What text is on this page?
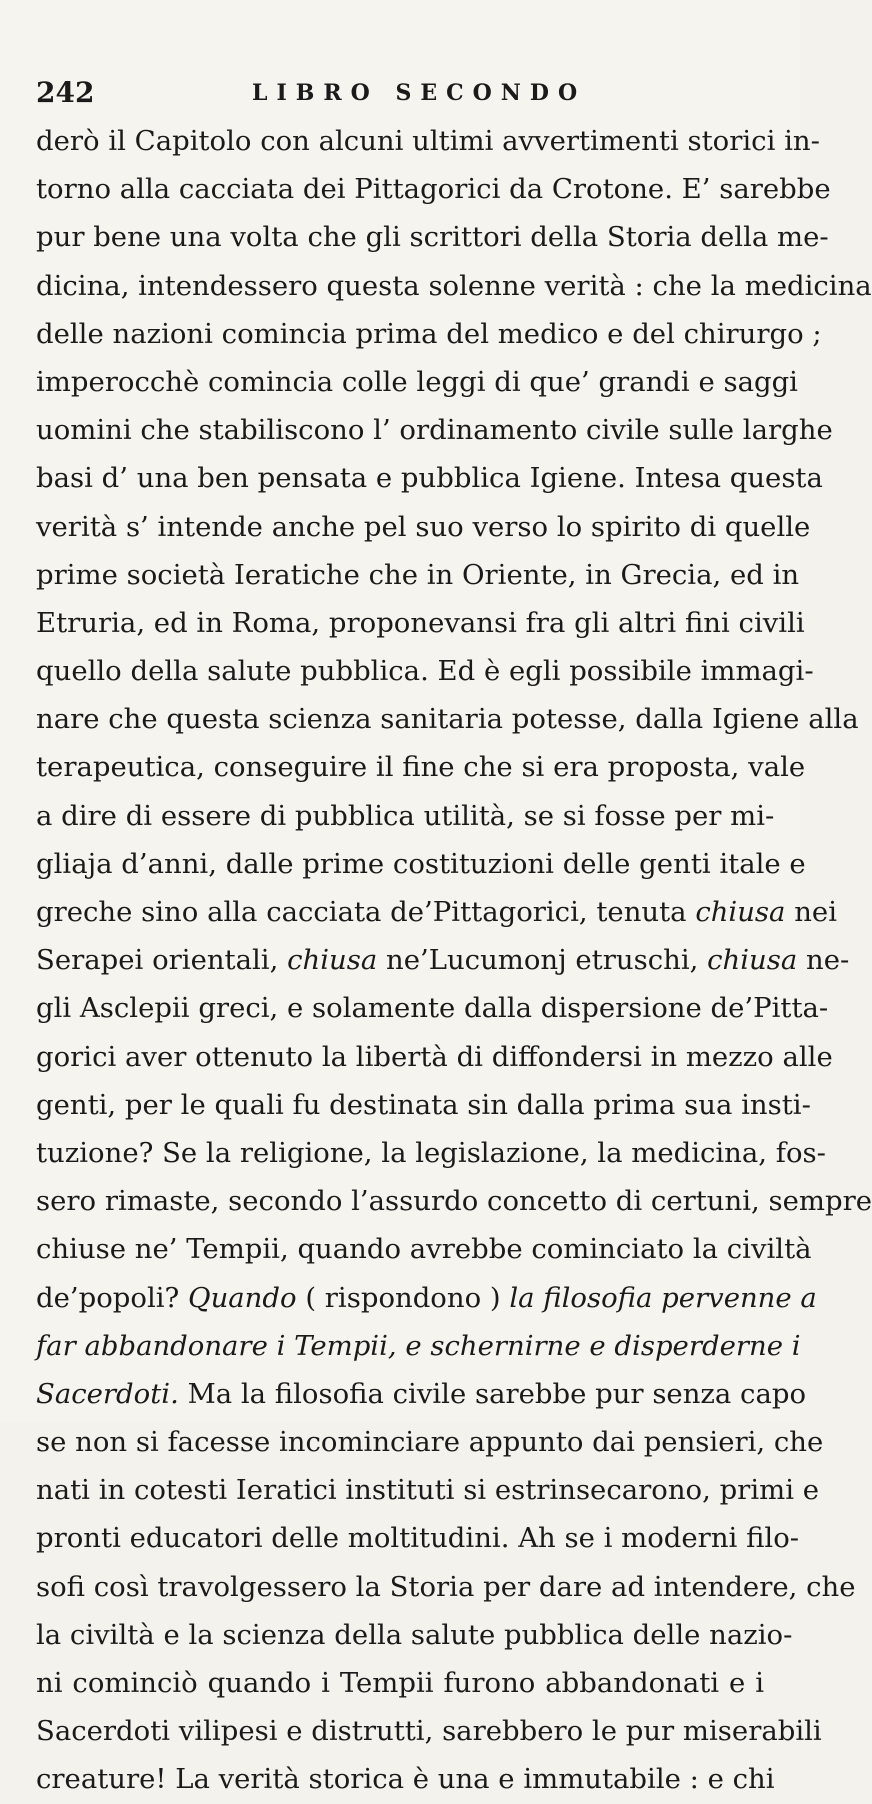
242	LIBRO SECONDO
derò il Capitolo con alcuni ultimi avvertimenti storici in-
torno alla cacciata dei Pittagorici da Crotone. E’ sarebbe
pur bene una volta che gli scrittori della Storia della me-
dicina, intendessero questa solenne verità : che la medicina
delle nazioni comincia prima del medico e del chirurgo ;
imperocchè comincia colle leggi di que’ grandi e saggi
uomini che stabiliscono l’ ordinamento civile sulle larghe
basi d’ una ben pensata e pubblica Igiene. Intesa questa
verità s’ intende anche pel suo verso lo spirito di quelle
prime società Ieratiche che in Oriente, in Grecia, ed in
Etruria, ed in Roma, proponevansi fra gli altri fini civili
quello della salute pubblica. Ed è egli possibile immagi-
nare che questa scienza sanitaria potesse, dalla Igiene alla
terapeutica, conseguire il fine che si era proposta, vale
a dire di essere di pubblica utilità, se si fosse per mi-
gliaja d’anni, dalle prime costituzioni delle genti itale e
greche sino alla cacciata de’Pittagorici, tenuta chiusa nei
Serapei orientali, chiusa ne’Lucumonj etruschi, chiusa ne-
gli Asclepii greci, e solamente dalla dispersione de’Pitta-
gorici aver ottenuto la libertà di diffondersi in mezzo alle
genti, per le quali fu destinata sin dalla prima sua insti-
tuzione? Se la religione, la legislazione, la medicina, fos-
sero rimaste, secondo l’assurdo concetto di certuni, sempre
chiuse ne’ Tempii, quando avrebbe cominciato la civiltà
de’popoli? Quando ( rispondono ) la filosofia pervenne a
far abbandonare i Tempii, e schernirne e disperderne i
Sacerdoti. Ma la filosofia civile sarebbe pur senza capo
se non si facesse incominciare appunto dai pensieri, che
nati in cotesti Ieratici instituti si estrinsecarono, primi e
pronti educatori delle moltitudini. Ah se i moderni filo-
sofi così travolgessero la Storia per dare ad intendere, che
la civiltà e la scienza della salute pubblica delle nazio-
ni cominciò quando i Tempii furono abbandonati e i
Sacerdoti vilipesi e distrutti, sarebbero le pur miserabili
creature! La verità storica è una e immutabile : e chi
